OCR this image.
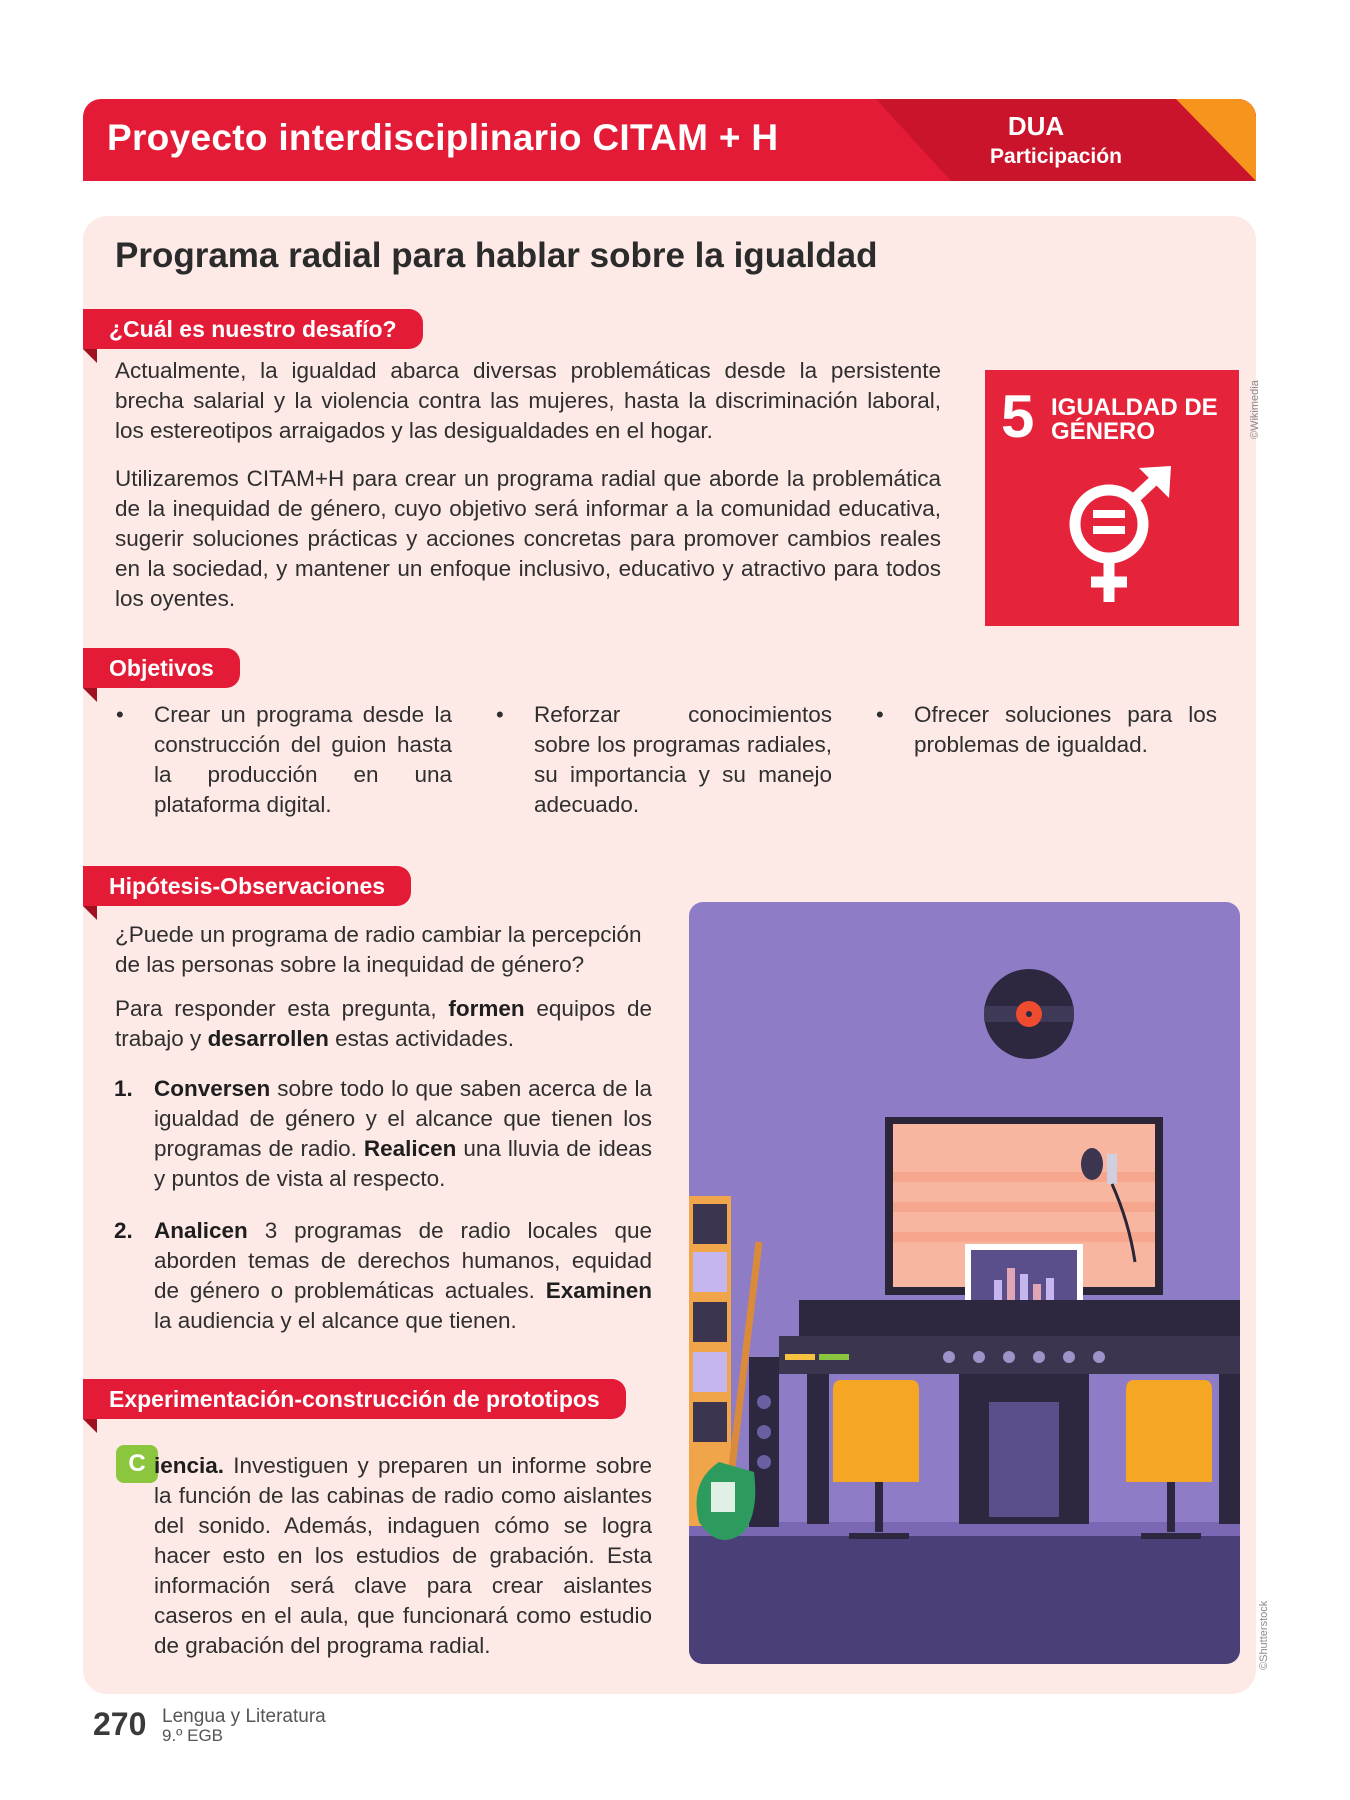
Proyecto interdisciplinario CITAM + H	DUA
Participación
Programa radial para hablar sobre la igualdad
¿Cuál es nuestro desafío?

Actualmente, la igualdad abarca diversas problemáticas desde la persistente brecha salarial y la violencia contra las mujeres, hasta la discriminación laboral, los estereotipos arraigados y las desigualdades en el hogar.

Utilizaremos CITAM+H para crear un programa radial que aborde la problemática de la inequidad de género, cuyo objetivo será informar a la comunidad educativa, sugerir soluciones prácticas y acciones concretas para promover cambios reales en la sociedad, y mantener un enfoque inclusivo, educativo y atractivo para todos los oyentes.

5 IGUALDAD DE GÉNERO	©Wikimedia
Objetivos
• Crear un programa desde la construcción del guion hasta la producción en una plataforma digital.
• Reforzar conocimientos sobre los programas radiales, su importancia y su manejo adecuado.
• Ofrecer soluciones para los problemas de igualdad.
Hipótesis-Observaciones

¿Puede un programa de radio cambiar la percepción de las personas sobre la inequidad de género?

Para responder esta pregunta, formen equipos de trabajo y desarrollen estas actividades.

1. Conversen sobre todo lo que saben acerca de la igualdad de género y el alcance que tienen los programas de radio. Realicen una lluvia de ideas y puntos de vista al respecto.
2. Analicen 3 programas de radio locales que aborden temas de derechos humanos, equidad de género o problemáticas actuales. Examinen la audiencia y el alcance que tienen.
Experimentación-construcción de prototipos
C iencia. Investiguen y preparen un informe sobre la función de las cabinas de radio como aislantes del sonido. Además, indaguen cómo se logra hacer esto en los estudios de grabación. Esta información será clave para crear aislantes caseros en el aula, que funcionará como estudio de grabación del programa radial.	©Shutterstock
270 Lengua y Literatura
9.º EGB
